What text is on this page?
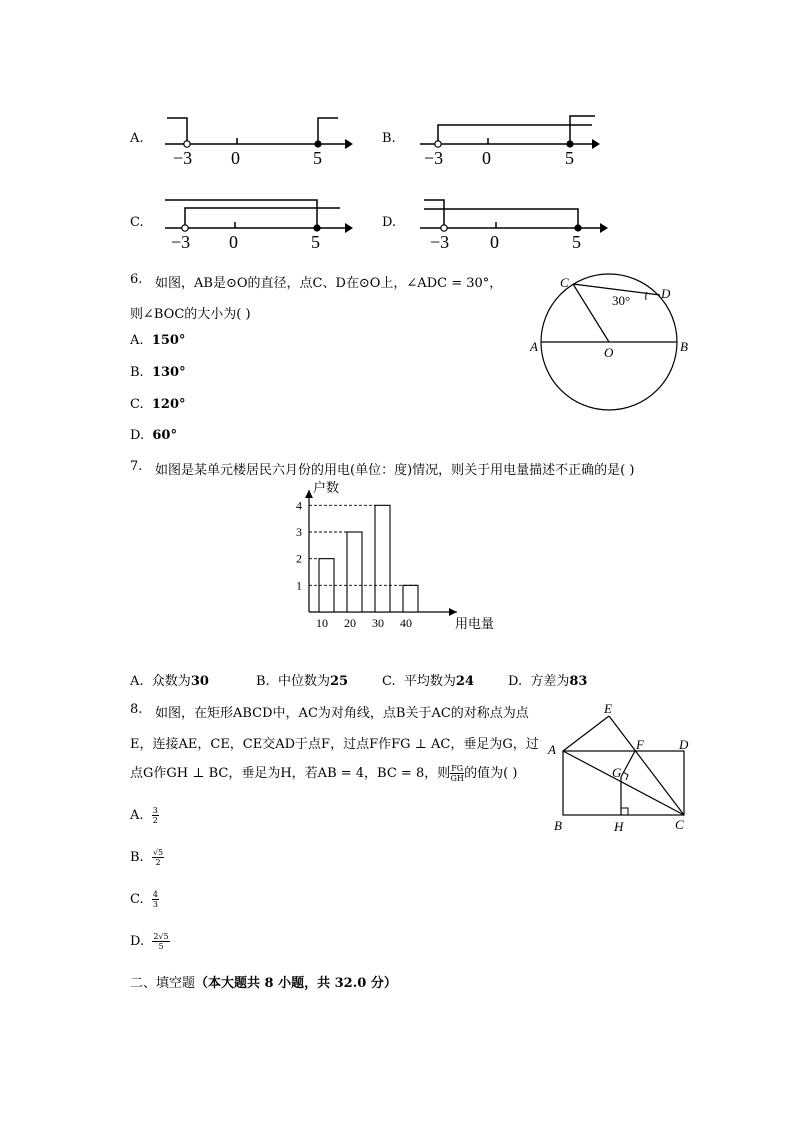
A.
−3 0	5
B.
−3 0	5
C.
−3 0	5
D.
−3 0	5
6. 如图，AB是⊙O的直径，点C、D在⊙O上，∠ADC = 30°，
则∠BOC的大小为( )
A. 150°
B. 130°
C. 120°
D. 60°
C
D
A	B
O
30°
7. 如图是某单元楼居民六月份的用电(单位：度)情况，则关于用电量描述不正确的是( )
1
2
3
4
10 20 30 40
户数
用电量
A. 众数为30	B. 中位数为25	C. 平均数为24	D. 方差为83
8. 如图，在矩形ABCD中，AC为对角线，点B关于AC的对称点为点
E，连接AE，CE，CE交AD于点F，过点F作FG ⊥ AC，垂足为G，过
点G作GH ⊥ BC，垂足为H，若AB = 4，BC = 8，则 $\frac{FG}{GH}$ 的值为( )
A. $\frac{3}{2}$
B. $\frac{√5}{2}$
C. $\frac{4}{3}$
D. $\frac{2√5}{5}$
E
A	F	D
G
B	H	C
二、填空题（本大题共 8 小题，共 32.0 分）
